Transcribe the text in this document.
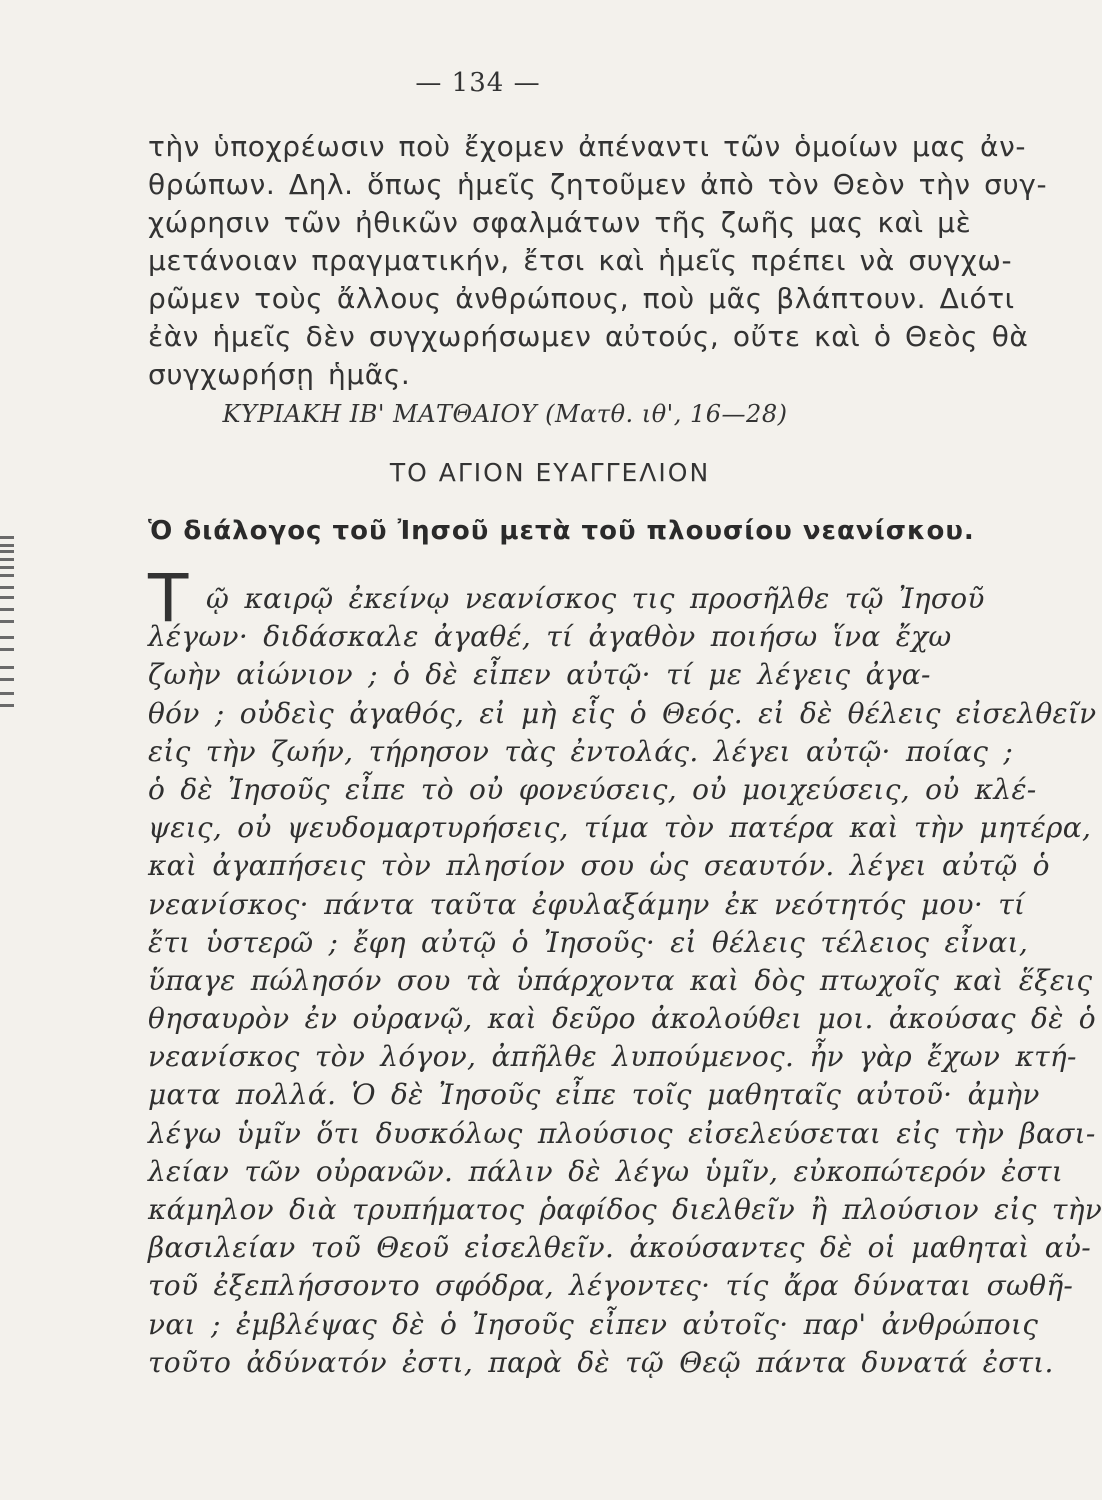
— 134 —
τὴν ὑποχρέωσιν ποὺ ἔχομεν ἀπέναντι τῶν ὁμοίων μας ἀν-
θρώπων. Δηλ. ὅπως ἡμεῖς ζητοῦμεν ἀπὸ τὸν Θεὸν τὴν συγ-
χώρησιν τῶν ἠθικῶν σφαλμάτων τῆς ζωῆς μας καὶ μὲ
μετάνοιαν πραγματικήν, ἔτσι καὶ ἡμεῖς πρέπει νὰ συγχω-
ρῶμεν τοὺς ἄλλους ἀνθρώπους, ποὺ μᾶς βλάπτουν. Διότι
ἐὰν ἡμεῖς δὲν συγχωρήσωμεν αὐτούς, οὔτε καὶ ὁ Θεὸς θὰ
συγχωρήσῃ ἡμᾶς.
ΚΥΡΙΑΚΗ ΙΒ' ΜΑΤΘΑΙΟΥ (Ματθ. ιθ', 16—28)
ΤΟ ΑΓΙΟΝ ΕΥΑΓΓΕΛΙΟΝ
Ὁ διάλογος τοῦ Ἰησοῦ μετὰ τοῦ πλουσίου νεανίσκου.
Τ ῷ καιρῷ ἐκείνῳ νεανίσκος τις προσῆλθε τῷ Ἰησοῦ
λέγων· διδάσκαλε ἀγαθέ, τί ἀγαθὸν ποιήσω ἵνα ἔχω
ζωὴν αἰώνιον ; ὁ δὲ εἶπεν αὐτῷ· τί με λέγεις ἀγα-
θόν ; οὐδεὶς ἀγαθός, εἰ μὴ εἷς ὁ Θεός. εἰ δὲ θέλεις εἰσελθεῖν
εἰς τὴν ζωήν, τήρησον τὰς ἐντολάς. λέγει αὐτῷ· ποίας ;
ὁ δὲ Ἰησοῦς εἶπε τὸ οὐ φονεύσεις, οὐ μοιχεύσεις, οὐ κλέ-
ψεις, οὐ ψευδομαρτυρήσεις, τίμα τὸν πατέρα καὶ τὴν μητέρα,
καὶ ἀγαπήσεις τὸν πλησίον σου ὡς σεαυτόν. λέγει αὐτῷ ὁ
νεανίσκος· πάντα ταῦτα ἐφυλαξάμην ἐκ νεότητός μου· τί
ἔτι ὑστερῶ ; ἔφη αὐτῷ ὁ Ἰησοῦς· εἰ θέλεις τέλειος εἶναι,
ὕπαγε πώλησόν σου τὰ ὑπάρχοντα καὶ δὸς πτωχοῖς καὶ ἕξεις
θησαυρὸν ἐν οὐρανῷ, καὶ δεῦρο ἀκολούθει μοι. ἀκούσας δὲ ὁ
νεανίσκος τὸν λόγον, ἀπῆλθε λυπούμενος. ἦν γὰρ ἔχων κτή-
ματα πολλά. Ὁ δὲ Ἰησοῦς εἶπε τοῖς μαθηταῖς αὐτοῦ· ἀμὴν
λέγω ὑμῖν ὅτι δυσκόλως πλούσιος εἰσελεύσεται εἰς τὴν βασι-
λείαν τῶν οὐρανῶν. πάλιν δὲ λέγω ὑμῖν, εὐκοπώτερόν ἐστι
κάμηλον διὰ τρυπήματος ῥαφίδος διελθεῖν ἢ πλούσιον εἰς τὴν
βασιλείαν τοῦ Θεοῦ εἰσελθεῖν. ἀκούσαντες δὲ οἱ μαθηταὶ αὐ-
τοῦ ἐξεπλήσσοντο σφόδρα, λέγοντες· τίς ἄρα δύναται σωθῆ-
ναι ; ἐμβλέψας δὲ ὁ Ἰησοῦς εἶπεν αὐτοῖς· παρ' ἀνθρώποις
τοῦτο ἀδύνατόν ἐστι, παρὰ δὲ τῷ Θεῷ πάντα δυνατά ἐστι.
